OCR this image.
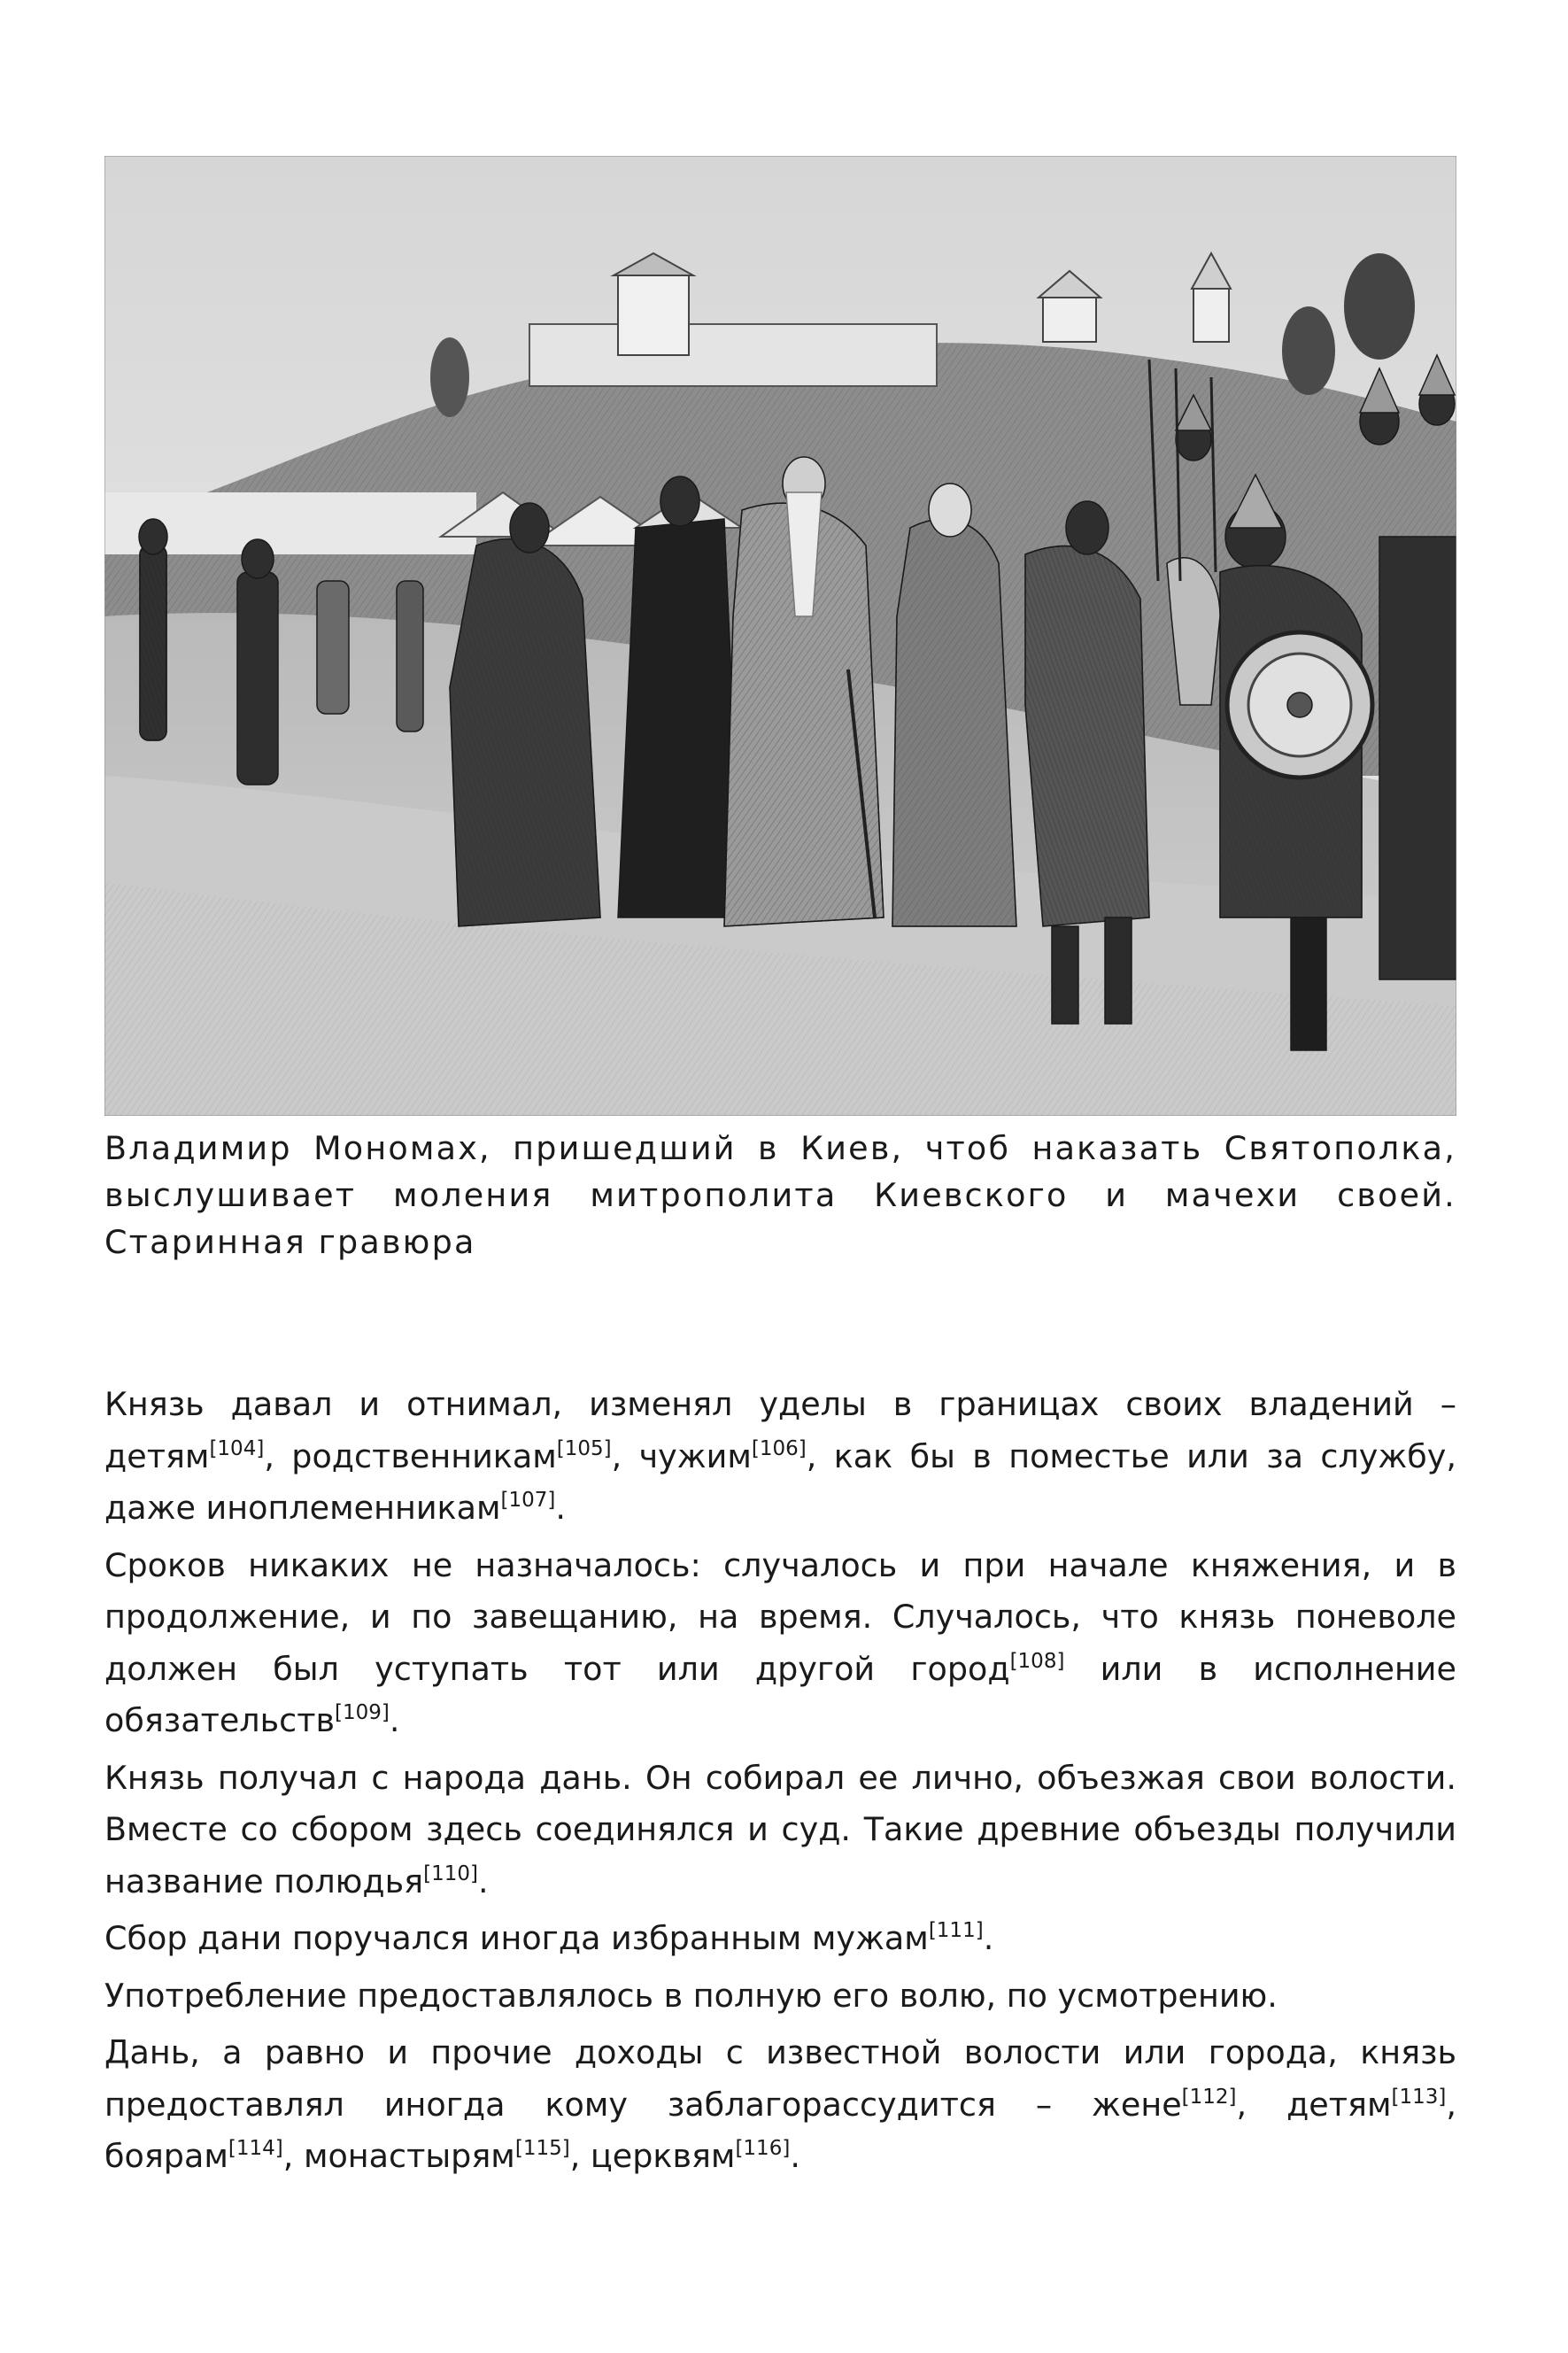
Владимир Мономах, пришедший в Киев, чтоб наказать Святополка, выслушивает моления митрополита Киевского и мачехи своей. Старинная гравюра

Князь давал и отнимал, изменял уделы в границах своих владений – детям[104], родственникам[105], чужим[106], как бы в поместье или за службу, даже иноплеменникам[107].

Сроков никаких не назначалось: случалось и при начале княжения, и в продолжение, и по завещанию, на время. Случалось, что князь поневоле должен был уступать тот или другой город[108] или в исполнение обязательств[109].

Князь получал с народа дань. Он собирал ее лично, объезжая свои волости. Вместе со сбором здесь соединялся и суд. Такие древние объезды получили название полюдья[110].

Сбор дани поручался иногда избранным мужам[111].

Употребление предоставлялось в полную его волю, по усмотрению.

Дань, а равно и прочие доходы с известной волости или города, князь предоставлял иногда кому заблагорассудится – жене[112], детям[113], боярам[114], монастырям[115], церквям[116].
